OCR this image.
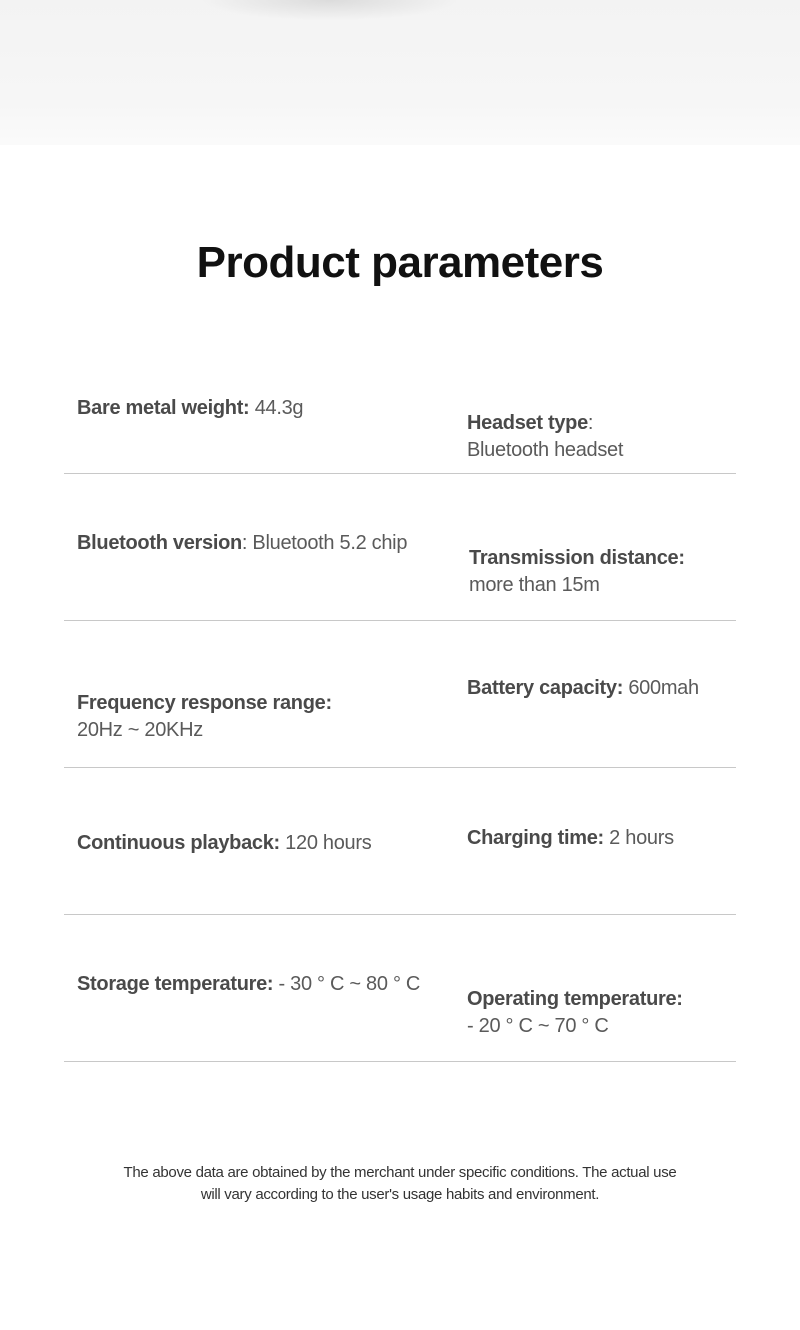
Product parameters
Bare metal weight: 44.3g

Headset type:
Bluetooth headset

Bluetooth version: Bluetooth 5.2 chip

Transmission distance:
more than 15m

Frequency response range:
20Hz ~ 20KHz

Battery capacity: 600mah
Continuous playback: 120 hours	Charging time: 2 hours
Storage temperature: - 30 ° C ~ 80 ° C

Operating temperature:
- 20 ° C ~ 70 ° C

The above data are obtained by the merchant under specific conditions. The actual use
will vary according to the user's usage habits and environment.
